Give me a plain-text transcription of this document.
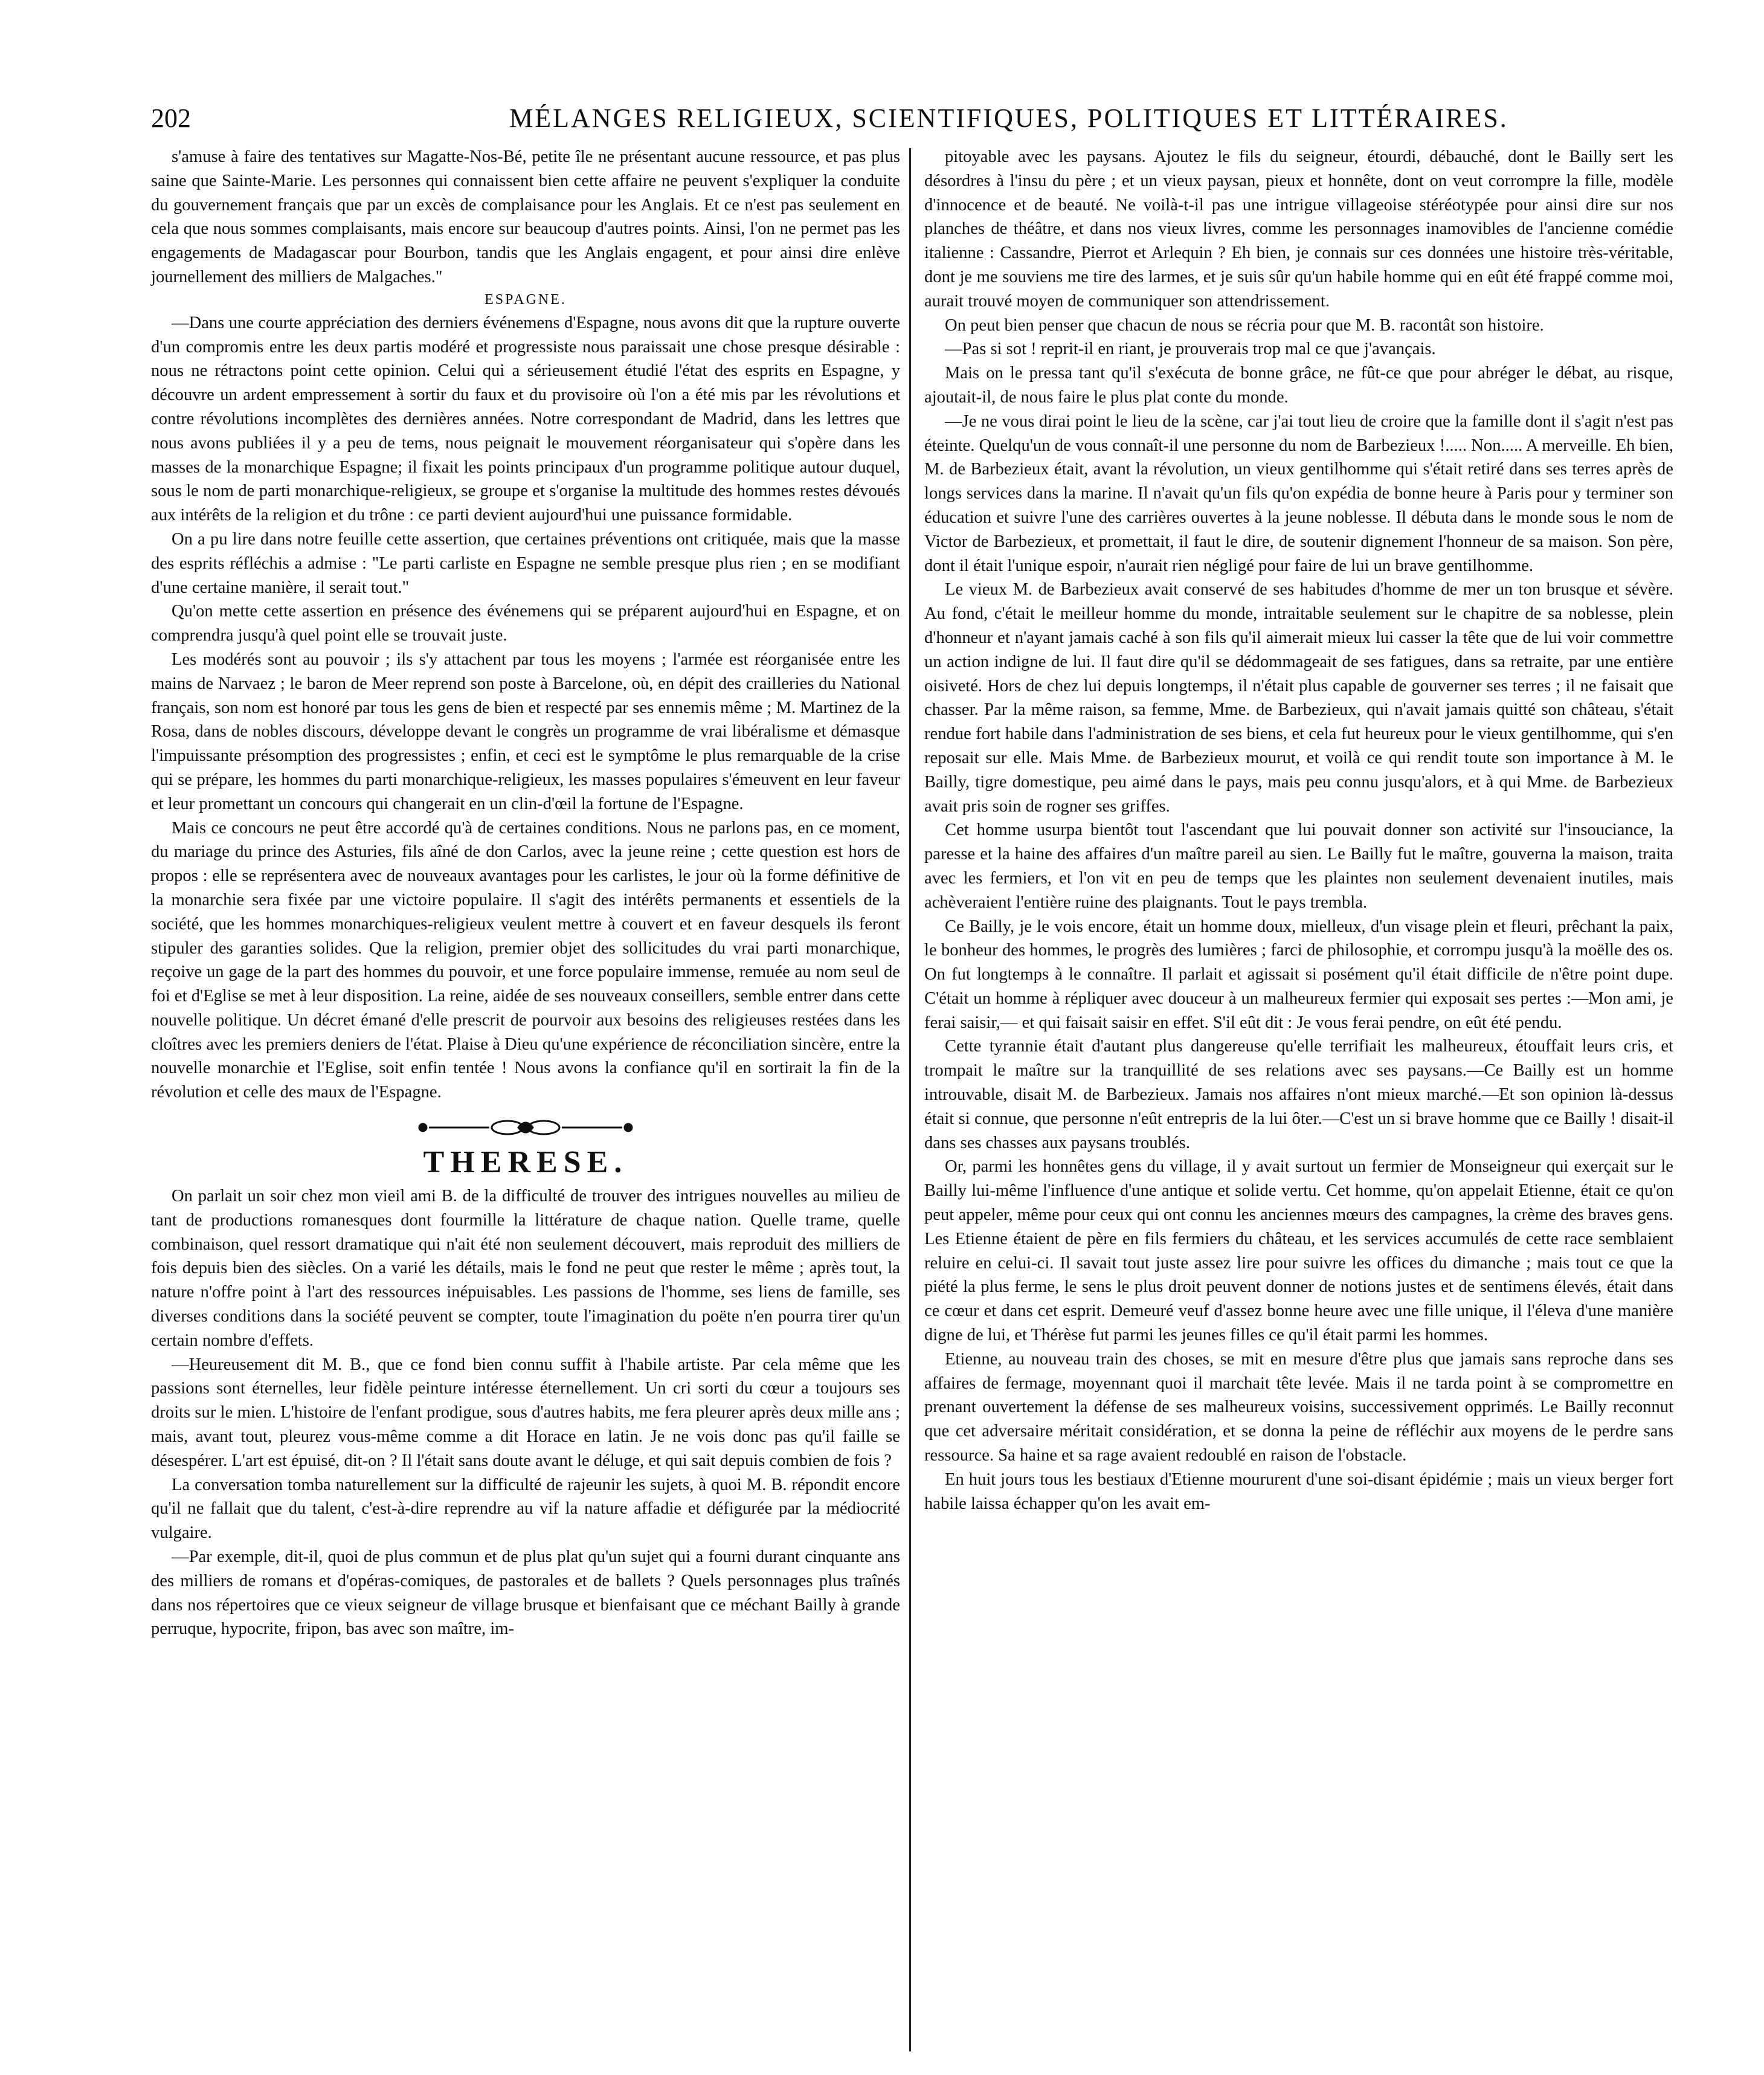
202	MÉLANGES RELIGIEUX, SCIENTIFIQUES, POLITIQUES ET LITTÉRAIRES.

s'amuse à faire des tentatives sur Magatte-Nos-Bé, petite île ne présentant aucune ressource, et pas plus saine que Sainte-Marie. Les personnes qui connaissent bien cette affaire ne peuvent s'expliquer la conduite du gouvernement français que par un excès de complaisance pour les Anglais. Et ce n'est pas seulement en cela que nous sommes complaisants, mais encore sur beaucoup d'autres points. Ainsi, l'on ne permet pas les engagements de Madagascar pour Bourbon, tandis que les Anglais engagent, et pour ainsi dire enlève journellement des milliers de Malgaches."

ESPAGNE.

—Dans une courte appréciation des derniers événemens d'Espagne, nous avons dit que la rupture ouverte d'un compromis entre les deux partis modéré et progressiste nous paraissait une chose presque désirable : nous ne rétractons point cette opinion. Celui qui a sérieusement étudié l'état des esprits en Espagne, y découvre un ardent empressement à sortir du faux et du provisoire où l'on a été mis par les révolutions et contre révolutions incomplètes des dernières années. Notre correspondant de Madrid, dans les lettres que nous avons publiées il y a peu de tems, nous peignait le mouvement réorganisateur qui s'opère dans les masses de la monarchique Espagne; il fixait les points principaux d'un programme politique autour duquel, sous le nom de parti monarchique-religieux, se groupe et s'organise la multitude des hommes restes dévoués aux intérêts de la religion et du trône : ce parti devient aujourd'hui une puissance formidable.

On a pu lire dans notre feuille cette assertion, que certaines préventions ont critiquée, mais que la masse des esprits réfléchis a admise : "Le parti carliste en Espagne ne semble presque plus rien ; en se modifiant d'une certaine manière, il serait tout."

Qu'on mette cette assertion en présence des événemens qui se préparent aujourd'hui en Espagne, et on comprendra jusqu'à quel point elle se trouvait juste.

Les modérés sont au pouvoir ; ils s'y attachent par tous les moyens ; l'armée est réorganisée entre les mains de Narvaez ; le baron de Meer reprend son poste à Barcelone, où, en dépit des crailleries du National français, son nom est honoré par tous les gens de bien et respecté par ses ennemis même ; M. Martinez de la Rosa, dans de nobles discours, développe devant le congrès un programme de vrai libéralisme et démasque l'impuissante présomption des progressistes ; enfin, et ceci est le symptôme le plus remarquable de la crise qui se prépare, les hommes du parti monarchique-religieux, les masses populaires s'émeuvent en leur faveur et leur promettant un concours qui changerait en un clin-d'œil la fortune de l'Espagne.

Mais ce concours ne peut être accordé qu'à de certaines conditions. Nous ne parlons pas, en ce moment, du mariage du prince des Asturies, fils aîné de don Carlos, avec la jeune reine ; cette question est hors de propos : elle se représentera avec de nouveaux avantages pour les carlistes, le jour où la forme définitive de la monarchie sera fixée par une victoire populaire. Il s'agit des intérêts permanents et essentiels de la société, que les hommes monarchiques-religieux veulent mettre à couvert et en faveur desquels ils feront stipuler des garanties solides. Que la religion, premier objet des sollicitudes du vrai parti monarchique, reçoive un gage de la part des hommes du pouvoir, et une force populaire immense, remuée au nom seul de foi et d'Eglise se met à leur disposition. La reine, aidée de ses nouveaux conseillers, semble entrer dans cette nouvelle politique. Un décret émané d'elle prescrit de pourvoir aux besoins des religieuses restées dans les cloîtres avec les premiers deniers de l'état. Plaise à Dieu qu'une expérience de réconciliation sincère, entre la nouvelle monarchie et l'Eglise, soit enfin tentée ! Nous avons la confiance qu'il en sortirait la fin de la révolution et celle des maux de l'Espagne.

THERESE.

On parlait un soir chez mon vieil ami B. de la difficulté de trouver des intrigues nouvelles au milieu de tant de productions romanesques dont fourmille la littérature de chaque nation. Quelle trame, quelle combinaison, quel ressort dramatique qui n'ait été non seulement découvert, mais reproduit des milliers de fois depuis bien des siècles. On a varié les détails, mais le fond ne peut que rester le même ; après tout, la nature n'offre point à l'art des ressources inépuisables. Les passions de l'homme, ses liens de famille, ses diverses conditions dans la société peuvent se compter, toute l'imagination du poëte n'en pourra tirer qu'un certain nombre d'effets.

—Heureusement dit M. B., que ce fond bien connu suffit à l'habile artiste. Par cela même que les passions sont éternelles, leur fidèle peinture intéresse éternellement. Un cri sorti du cœur a toujours ses droits sur le mien. L'histoire de l'enfant prodigue, sous d'autres habits, me fera pleurer après deux mille ans ; mais, avant tout, pleurez vous-même comme a dit Horace en latin. Je ne vois donc pas qu'il faille se désespérer. L'art est épuisé, dit-on ? Il l'était sans doute avant le déluge, et qui sait depuis combien de fois ?

La conversation tomba naturellement sur la difficulté de rajeunir les sujets, à quoi M. B. répondit encore qu'il ne fallait que du talent, c'est-à-dire reprendre au vif la nature affadie et défigurée par la médiocrité vulgaire.

—Par exemple, dit-il, quoi de plus commun et de plus plat qu'un sujet qui a fourni durant cinquante ans des milliers de romans et d'opéras-comiques, de pastorales et de ballets ? Quels personnages plus traînés dans nos répertoires que ce vieux seigneur de village brusque et bienfaisant que ce méchant Bailly à grande perruque, hypocrite, fripon, bas avec son maître, im-

pitoyable avec les paysans. Ajoutez le fils du seigneur, étourdi, débauché, dont le Bailly sert les désordres à l'insu du père ; et un vieux paysan, pieux et honnête, dont on veut corrompre la fille, modèle d'innocence et de beauté. Ne voilà-t-il pas une intrigue villageoise stéréotypée pour ainsi dire sur nos planches de théâtre, et dans nos vieux livres, comme les personnages inamovibles de l'ancienne comédie italienne : Cassandre, Pierrot et Arlequin ? Eh bien, je connais sur ces données une histoire très-véritable, dont je me souviens me tire des larmes, et je suis sûr qu'un habile homme qui en eût été frappé comme moi, aurait trouvé moyen de communiquer son attendrissement.

On peut bien penser que chacun de nous se récria pour que M. B. racontât son histoire.

—Pas si sot ! reprit-il en riant, je prouverais trop mal ce que j'avançais.

Mais on le pressa tant qu'il s'exécuta de bonne grâce, ne fût-ce que pour abréger le débat, au risque, ajoutait-il, de nous faire le plus plat conte du monde.

—Je ne vous dirai point le lieu de la scène, car j'ai tout lieu de croire que la famille dont il s'agit n'est pas éteinte. Quelqu'un de vous connaît-il une personne du nom de Barbezieux !..... Non..... A merveille. Eh bien, M. de Barbezieux était, avant la révolution, un vieux gentilhomme qui s'était retiré dans ses terres après de longs services dans la marine. Il n'avait qu'un fils qu'on expédia de bonne heure à Paris pour y terminer son éducation et suivre l'une des carrières ouvertes à la jeune noblesse. Il débuta dans le monde sous le nom de Victor de Barbezieux, et promettait, il faut le dire, de soutenir dignement l'honneur de sa maison. Son père, dont il était l'unique espoir, n'aurait rien négligé pour faire de lui un brave gentilhomme.

Le vieux M. de Barbezieux avait conservé de ses habitudes d'homme de mer un ton brusque et sévère. Au fond, c'était le meilleur homme du monde, intraitable seulement sur le chapitre de sa noblesse, plein d'honneur et n'ayant jamais caché à son fils qu'il aimerait mieux lui casser la tête que de lui voir commettre un action indigne de lui. Il faut dire qu'il se dédommageait de ses fatigues, dans sa retraite, par une entière oisiveté. Hors de chez lui depuis longtemps, il n'était plus capable de gouverner ses terres ; il ne faisait que chasser. Par la même raison, sa femme, Mme. de Barbezieux, qui n'avait jamais quitté son château, s'était rendue fort habile dans l'administration de ses biens, et cela fut heureux pour le vieux gentilhomme, qui s'en reposait sur elle. Mais Mme. de Barbezieux mourut, et voilà ce qui rendit toute son importance à M. le Bailly, tigre domestique, peu aimé dans le pays, mais peu connu jusqu'alors, et à qui Mme. de Barbezieux avait pris soin de rogner ses griffes.

Cet homme usurpa bientôt tout l'ascendant que lui pouvait donner son activité sur l'insouciance, la paresse et la haine des affaires d'un maître pareil au sien. Le Bailly fut le maître, gouverna la maison, traita avec les fermiers, et l'on vit en peu de temps que les plaintes non seulement devenaient inutiles, mais achèveraient l'entière ruine des plaignants. Tout le pays trembla.

Ce Bailly, je le vois encore, était un homme doux, mielleux, d'un visage plein et fleuri, prêchant la paix, le bonheur des hommes, le progrès des lumières ; farci de philosophie, et corrompu jusqu'à la moëlle des os. On fut longtemps à le connaître. Il parlait et agissait si posément qu'il était difficile de n'être point dupe. C'était un homme à répliquer avec douceur à un malheureux fermier qui exposait ses pertes :—Mon ami, je ferai saisir,— et qui faisait saisir en effet. S'il eût dit : Je vous ferai pendre, on eût été pendu.

Cette tyrannie était d'autant plus dangereuse qu'elle terrifiait les malheureux, étouffait leurs cris, et trompait le maître sur la tranquillité de ses relations avec ses paysans.—Ce Bailly est un homme introuvable, disait M. de Barbezieux. Jamais nos affaires n'ont mieux marché.—Et son opinion là-dessus était si connue, que personne n'eût entrepris de la lui ôter.—C'est un si brave homme que ce Bailly ! disait-il dans ses chasses aux paysans troublés.

Or, parmi les honnêtes gens du village, il y avait surtout un fermier de Monseigneur qui exerçait sur le Bailly lui-même l'influence d'une antique et solide vertu. Cet homme, qu'on appelait Etienne, était ce qu'on peut appeler, même pour ceux qui ont connu les anciennes mœurs des campagnes, la crème des braves gens. Les Etienne étaient de père en fils fermiers du château, et les services accumulés de cette race semblaient reluire en celui-ci. Il savait tout juste assez lire pour suivre les offices du dimanche ; mais tout ce que la piété la plus ferme, le sens le plus droit peuvent donner de notions justes et de sentimens élevés, était dans ce cœur et dans cet esprit. Demeuré veuf d'assez bonne heure avec une fille unique, il l'éleva d'une manière digne de lui, et Thérèse fut parmi les jeunes filles ce qu'il était parmi les hommes.

Etienne, au nouveau train des choses, se mit en mesure d'être plus que jamais sans reproche dans ses affaires de fermage, moyennant quoi il marchait tête levée. Mais il ne tarda point à se compromettre en prenant ouvertement la défense de ses malheureux voisins, successivement opprimés. Le Bailly reconnut que cet adversaire méritait considération, et se donna la peine de réfléchir aux moyens de le perdre sans ressource. Sa haine et sa rage avaient redoublé en raison de l'obstacle.

En huit jours tous les bestiaux d'Etienne moururent d'une soi-disant épidémie ; mais un vieux berger fort habile laissa échapper qu'on les avait em-
